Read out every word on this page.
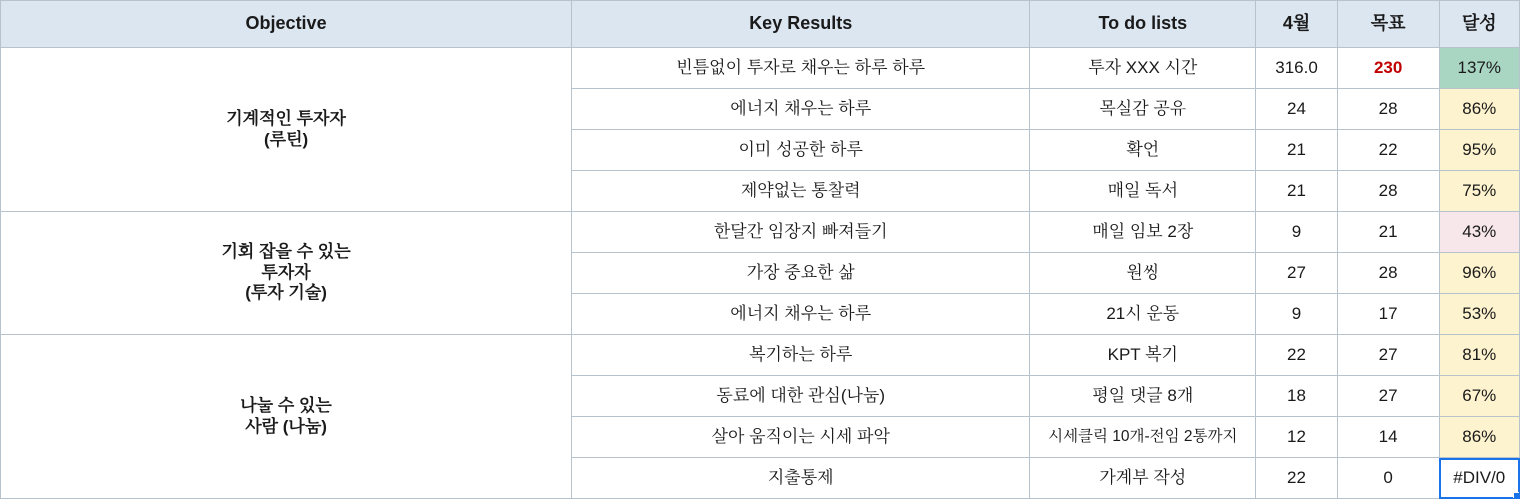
Objective	Key Results	To do lists	4월	목표	달성
기계적인 투자자
(루틴)	빈틈없이 투자로 채우는 하루 하루	투자 XXX 시간	316.0	230	137%
	에너지 채우는 하루	목실감 공유	24	28	86%
	이미 성공한 하루	확언	21	22	95%
	제약없는 통찰력	매일 독서	21	28	75%
기회 잡을 수 있는
투자자
(투자 기술)	한달간 임장지 빠져들기	매일 임보 2장	9	21	43%
	가장 중요한 삶	원씽	27	28	96%
	에너지 채우는 하루	21시 운동	9	17	53%
나눌 수 있는
사람 (나눔)	복기하는 하루	KPT 복기	22	27	81%
	동료에 대한 관심(나눔)	평일 댓글 8개	18	27	67%
	살아 움직이는 시세 파악	시세클릭 10개-전임 2통까지	12	14	86%
	지출통제	가계부 작성	22	0	#DIV/0
